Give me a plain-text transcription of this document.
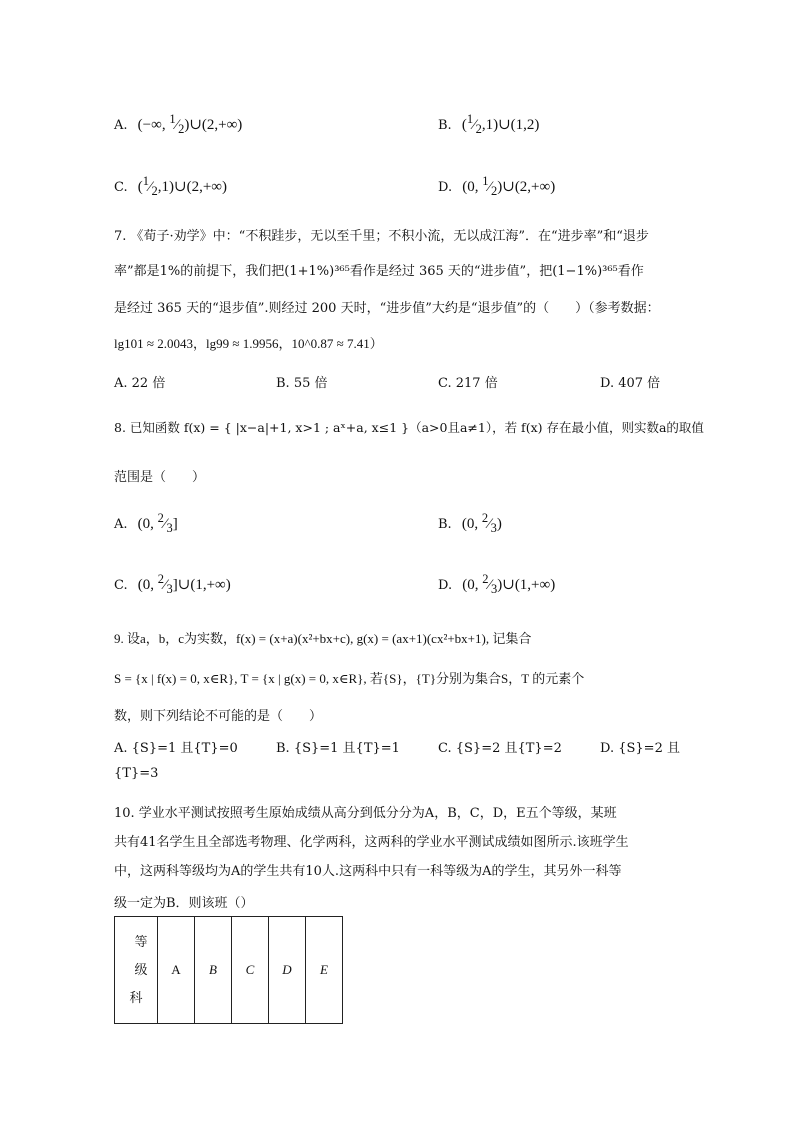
A. (−∞, $^1⁄_2)\cup(2,+\infty)$	B. $(^1⁄_2,1)\cup(1,2)$
C. $(^1⁄_2,1)\cup(2,+\infty)$	D. (0, $^1⁄_2)\cup(2,+\infty)$
7. 《荀子·劝学》中：“不积跬步，无以至千里；不积小流，无以成江海”．在“进步率”和“退步
率”都是1%的前提下，我们把(1+1%)³⁶⁵看作是经过 365 天的“进步值”，把(1−1%)³⁶⁵看作
是经过 365 天的“退步值”.则经过 200 天时，“进步值”大约是“退步值”的（　　）（参考数据：
lg101 ≈ 2.0043，lg99 ≈ 1.9956，10^0.87 ≈ 7.41）
A. 22 倍	B. 55 倍	C. 217 倍	D. 407 倍
8. 已知函数 f(x) = { |x−a|+1, x>1 ; aˣ+a, x≤1 }（a>0且a≠1），若 f(x) 存在最小值，则实数a的取值
范围是（　　）
A. (0, $^2⁄_3$]	B. (0, $^2⁄_3$)
C. (0, $^2⁄_3]\cup(1,+\infty)$	D. (0, $^2⁄_3)\cup(1,+\infty)$
9. 设a，b，c为实数，f(x) = (x+a)(x²+bx+c), g(x) = (ax+1)(cx²+bx+1), 记集合
S = {x | f(x) = 0, x∈R}, T = {x | g(x) = 0, x∈R}, 若{S}，{T}分别为集合S，T 的元素个
数，则下列结论不可能的是（　　）
A. {S}=1 且{T}=0	B. {S}=1 且{T}=1	C. {S}=2 且{T}=2	D. {S}=2 且
{T}=3
10. 学业水平测试按照考生原始成绩从高分到低分分为A，B，C，D，E五个等级，某班
共有41名学生且全部选考物理、化学两科，这两科的学业水平测试成绩如图所示.该班学生
中，这两科等级均为A的学生共有10人.这两科中只有一科等级为A的学生，其另外一科等
级一定为B．则该班（）
等
级
科
	A	B	C	D	E
